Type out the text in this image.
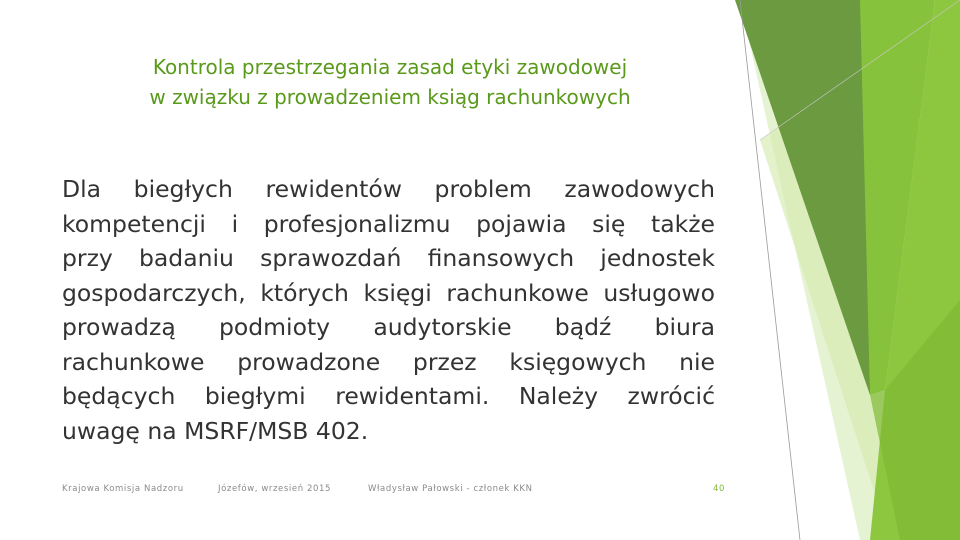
Kontrola przestrzegania zasad etyki zawodowej
w związku z prowadzeniem ksiąg rachunkowych
Dla biegłych rewidentów problem zawodowych
kompetencji i profesjonalizmu pojawia się także
przy badaniu sprawozdań finansowych jednostek
gospodarczych, których księgi rachunkowe usługowo
prowadzą podmioty audytorskie bądź biura
rachunkowe prowadzone przez księgowych nie
będących biegłymi rewidentami. Należy zwrócić
uwagę na MSRF/MSB 402.
Krajowa Komisja Nadzoru	Józefów, wrzesień 2015	Władysław Pałowski - członek KKN	40
